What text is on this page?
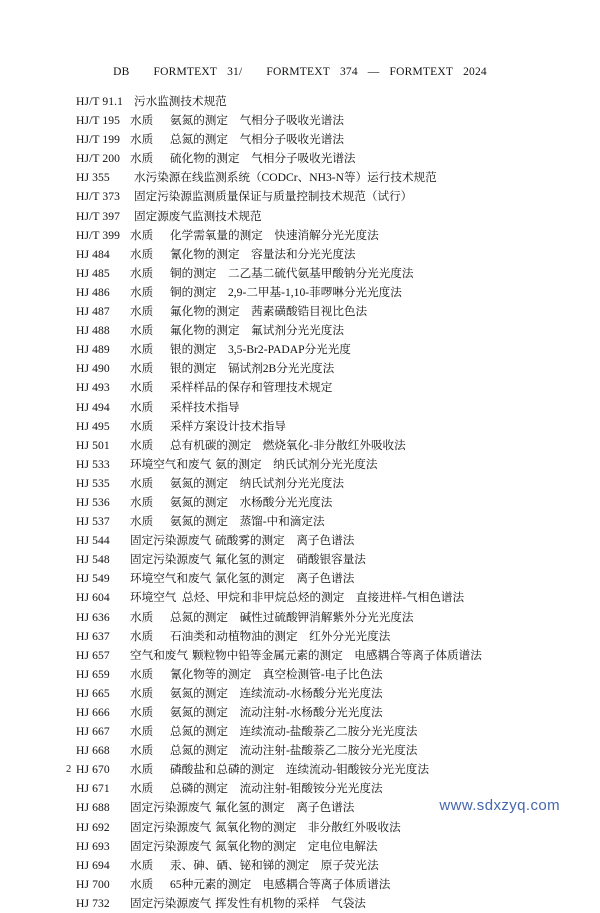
DB FORMTEXT 31/ FORMTEXT 374 — FORMTEXT 2024
HJ/T 91.1 污水监测技术规范
HJ/T 195 水质 氨氮的测定　气相分子吸收光谱法
HJ/T 199 水质 总氮的测定　气相分子吸收光谱法
HJ/T 200 水质 硫化物的测定　气相分子吸收光谱法
HJ 355 水污染源在线监测系统（CODCr、NH3-N等）运行技术规范
HJ/T 373 固定污染源监测质量保证与质量控制技术规范（试行）
HJ/T 397 固定源废气监测技术规范
HJ/T 399 水质 化学需氧量的测定　快速消解分光光度法
HJ 484 水质 氰化物的测定　容量法和分光光度法
HJ 485 水质 铜的测定　二乙基二硫代氨基甲酸钠分光光度法
HJ 486 水质 铜的测定　2,9-二甲基-1,10-菲啰啉分光光度法
HJ 487 水质 氟化物的测定　茜素磺酸锆目视比色法
HJ 488 水质 氟化物的测定　氟试剂分光光度法
HJ 489 水质 银的测定　3,5-Br2-PADAP分光光度
HJ 490 水质 银的测定　镉试剂2B分光光度法
HJ 493 水质 采样样品的保存和管理技术规定
HJ 494 水质 采样技术指导
HJ 495 水质 采样方案设计技术指导
HJ 501 水质 总有机碳的测定　燃烧氧化-非分散红外吸收法
HJ 533 环境空气和废气 氨的测定　纳氏试剂分光光度法
HJ 535 水质 氨氮的测定　纳氏试剂分光光度法
HJ 536 水质 氨氮的测定　水杨酸分光光度法
HJ 537 水质 氨氮的测定　蒸馏-中和滴定法
HJ 544 固定污染源废气 硫酸雾的测定　离子色谱法
HJ 548 固定污染源废气 氟化氢的测定　硝酸银容量法
HJ 549 环境空气和废气 氯化氢的测定　离子色谱法
HJ 604 环境空气 总烃、甲烷和非甲烷总烃的测定　直接进样-气相色谱法
HJ 636 水质 总氮的测定　碱性过硫酸钾消解紫外分光光度法
HJ 637 水质 石油类和动植物油的测定　红外分光光度法
HJ 657 空气和废气 颗粒物中铅等金属元素的测定　电感耦合等离子体质谱法
HJ 659 水质 氰化物等的测定　真空检测管-电子比色法
HJ 665 水质 氨氮的测定　连续流动-水杨酸分光光度法
HJ 666 水质 氨氮的测定　流动注射-水杨酸分光光度法
HJ 667 水质 总氮的测定　连续流动-盐酸萘乙二胺分光光度法
HJ 668 水质 总氮的测定　流动注射-盐酸萘乙二胺分光光度法
HJ 670 水质 磷酸盐和总磷的测定　连续流动-钼酸铵分光光度法
HJ 671 水质 总磷的测定　流动注射-钼酸铵分光光度法
HJ 688 固定污染源废气 氟化氢的测定　离子色谱法
HJ 692 固定污染源废气 氮氧化物的测定　非分散红外吸收法
HJ 693 固定污染源废气 氮氧化物的测定　定电位电解法
HJ 694 水质 汞、砷、硒、铋和锑的测定　原子荧光法
HJ 700 水质 65种元素的测定　电感耦合等离子体质谱法
HJ 732 固定污染源废气 挥发性有机物的采样　气袋法
2
www.sdxzyq.com
